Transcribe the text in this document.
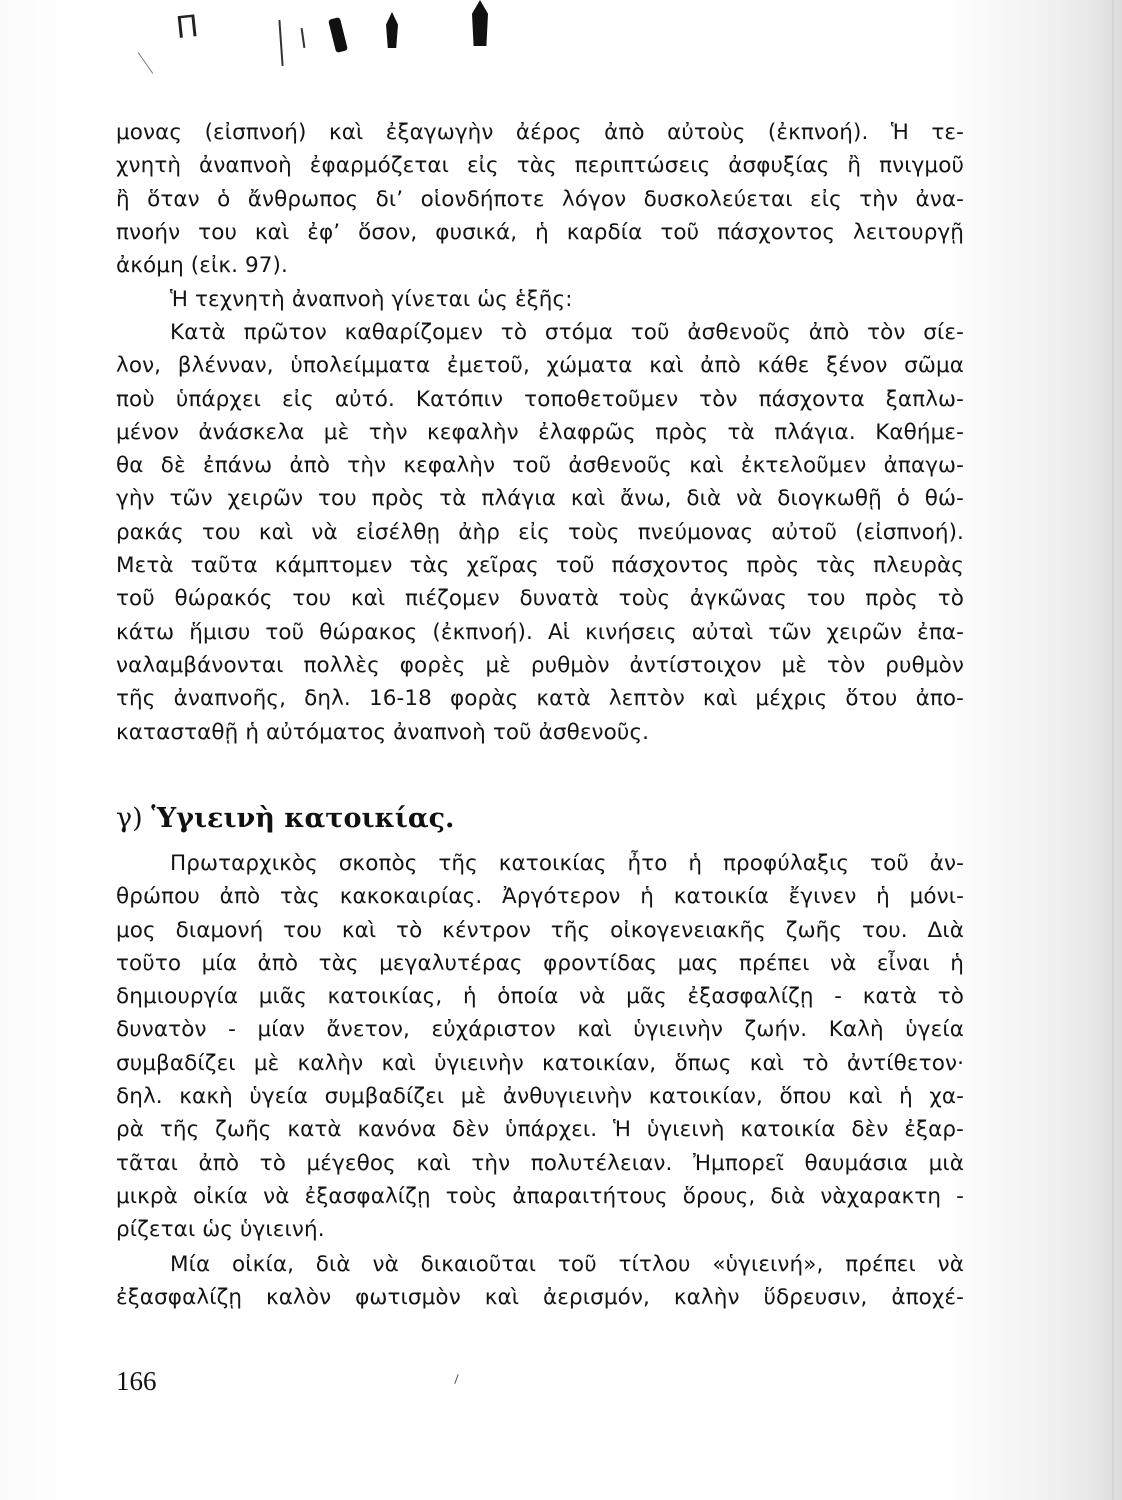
Π
μονας (εἰσπνοή) καὶ ἐξαγωγὴν ἀέρος ἀπὸ αὐτοὺς (ἐκπνοή). Ἡ τε-
χνητὴ ἀναπνοὴ ἐφαρμόζεται εἰς τὰς περιπτώσεις ἀσφυξίας ἢ πνιγμοῦ
ἢ ὅταν ὁ ἄνθρωπος δι’ οἱονδήποτε λόγον δυσκολεύεται εἰς τὴν ἀνα-
πνοήν του καὶ ἐφ’ ὅσον, φυσικά, ἡ καρδία τοῦ πάσχοντος λειτουργῇ
ἀκόμη (εἰκ. 97).
Ἡ τεχνητὴ ἀναπνοὴ γίνεται ὡς ἑξῆς:
Κατὰ πρῶτον καθαρίζομεν τὸ στόμα τοῦ ἀσθενοῦς ἀπὸ τὸν σίε-
λον, βλένναν, ὑπολείμματα ἐμετοῦ, χώματα καὶ ἀπὸ κάθε ξένον σῶμα
ποὺ ὑπάρχει εἰς αὐτό. Κατόπιν τοποθετοῦμεν τὸν πάσχοντα ξαπλω-
μένον ἀνάσκελα μὲ τὴν κεφαλὴν ἐλαφρῶς πρὸς τὰ πλάγια. Καθήμε-
θα δὲ ἐπάνω ἀπὸ τὴν κεφαλὴν τοῦ ἀσθενοῦς καὶ ἐκτελοῦμεν ἀπαγω-
γὴν τῶν χειρῶν του πρὸς τὰ πλάγια καὶ ἄνω, διὰ νὰ διογκωθῇ ὁ θώ-
ρακάς του καὶ νὰ εἰσέλθῃ ἀὴρ εἰς τοὺς πνεύμονας αὐτοῦ (εἰσπνοή).
Μετὰ ταῦτα κάμπτομεν τὰς χεῖρας τοῦ πάσχοντος πρὸς τὰς πλευρὰς
τοῦ θώρακός του καὶ πιέζομεν δυνατὰ τοὺς ἀγκῶνας του πρὸς τὸ
κάτω ἥμισυ τοῦ θώρακος (ἐκπνοή). Αἱ κινήσεις αὐταὶ τῶν χειρῶν ἐπα-
ναλαμβάνονται πολλὲς φορὲς μὲ ρυθμὸν ἀντίστοιχον μὲ τὸν ρυθμὸν
τῆς ἀναπνοῆς, δηλ. 16-18 φορὰς κατὰ λεπτὸν καὶ μέχρις ὅτου ἀπο-
κατασταθῇ ἡ αὐτόματος ἀναπνοὴ τοῦ ἀσθενοῦς.
γ) Ὑγιεινὴ κατοικίας.
Πρωταρχικὸς σκοπὸς τῆς κατοικίας ἦτο ἡ προφύλαξις τοῦ ἀν-
θρώπου ἀπὸ τὰς κακοκαιρίας. Ἀργότερον ἡ κατοικία ἔγινεν ἡ μόνι-
μος διαμονή του καὶ τὸ κέντρον τῆς οἰκογενειακῆς ζωῆς του. Διὰ
τοῦτο μία ἀπὸ τὰς μεγαλυτέρας φροντίδας μας πρέπει νὰ εἶναι ἡ
δημιουργία μιᾶς κατοικίας, ἡ ὁποία νὰ μᾶς ἐξασφαλίζῃ - κατὰ τὸ
δυνατὸν - μίαν ἄνετον, εὐχάριστον καὶ ὑγιεινὴν ζωήν. Καλὴ ὑγεία
συμβαδίζει μὲ καλὴν καὶ ὑγιεινὴν κατοικίαν, ὅπως καὶ τὸ ἀντίθετον·
δηλ. κακὴ ὑγεία συμβαδίζει μὲ ἀνθυγιεινὴν κατοικίαν, ὅπου καὶ ἡ χα-
ρὰ τῆς ζωῆς κατὰ κανόνα δὲν ὑπάρχει. Ἡ ὑγιεινὴ κατοικία δὲν ἐξαρ-
τᾶται ἀπὸ τὸ μέγεθος καὶ τὴν πολυτέλειαν. Ἠμπορεῖ θαυμάσια μιὰ
μικρὰ οἰκία νὰ ἐξασφαλίζῃ τοὺς ἀπαραιτήτους ὅρους, διὰ νὰχαρακτη -
ρίζεται ὡς ὑγιεινή.
Μία οἰκία, διὰ νὰ δικαιοῦται τοῦ τίτλου «ὑγιεινή», πρέπει νὰ
ἐξασφαλίζῃ καλὸν φωτισμὸν καὶ ἀερισμόν, καλὴν ὕδρευσιν, ἀποχέ-
166
